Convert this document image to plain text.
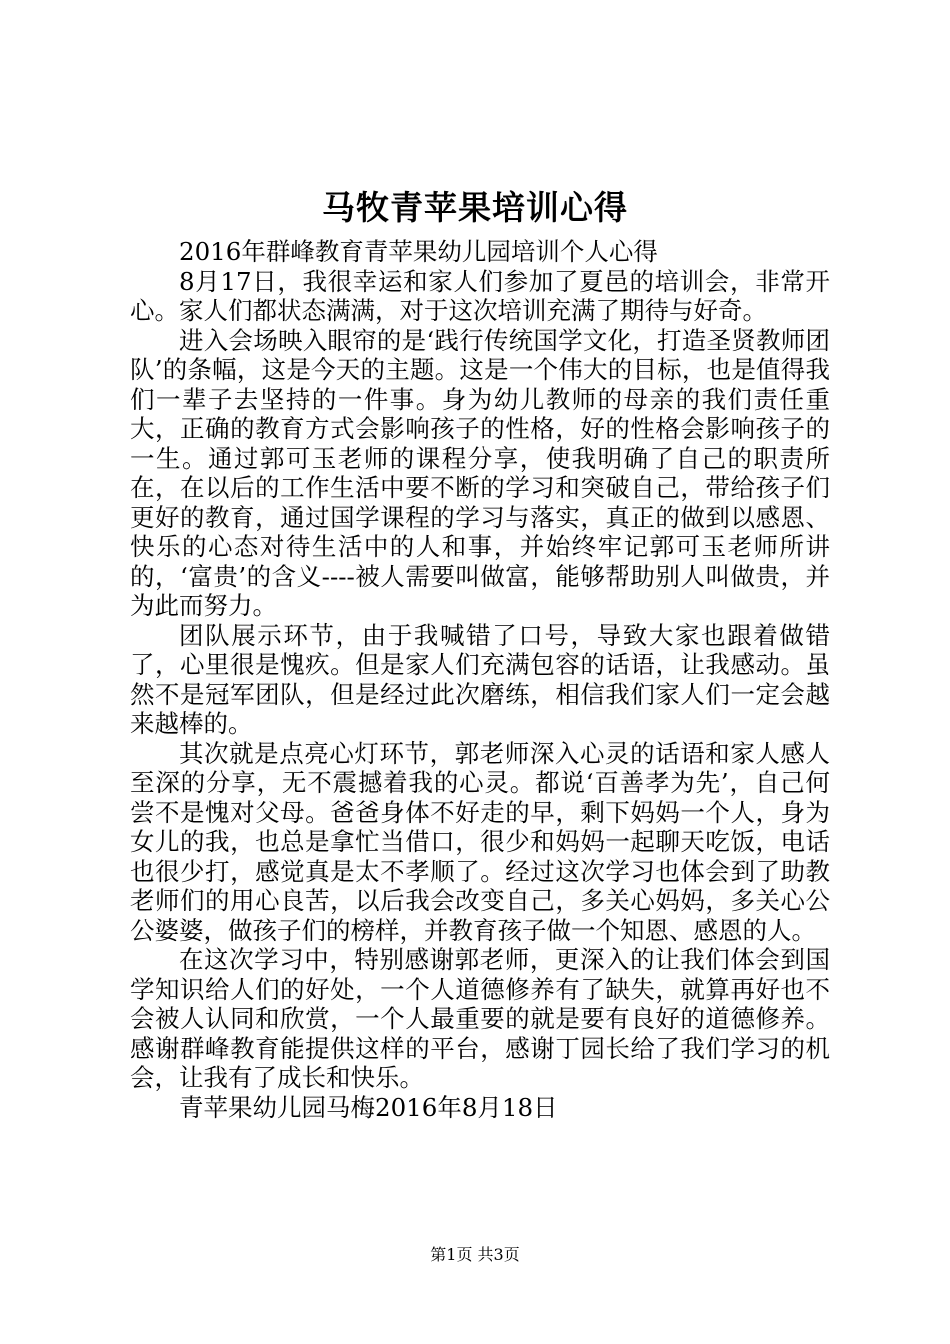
马牧青苹果培训心得

2016年群峰教育青苹果幼儿园培训个人心得

8月17日，我很幸运和家人们参加了夏邑的培训会，非常开心。家人们都状态满满，对于这次培训充满了期待与好奇。

进入会场映入眼帘的是‘践行传统国学文化，打造圣贤教师团队’的条幅，这是今天的主题。这是一个伟大的目标，也是值得我们一辈子去坚持的一件事。身为幼儿教师的母亲的我们责任重大，正确的教育方式会影响孩子的性格，好的性格会影响孩子的一生。通过郭可玉老师的课程分享，使我明确了自己的职责所在，在以后的工作生活中要不断的学习和突破自己，带给孩子们更好的教育，通过国学课程的学习与落实，真正的做到以感恩、快乐的心态对待生活中的人和事，并始终牢记郭可玉老师所讲的，‘富贵’的含义----被人需要叫做富，能够帮助别人叫做贵，并为此而努力。

团队展示环节，由于我喊错了口号，导致大家也跟着做错了，心里很是愧疚。但是家人们充满包容的话语，让我感动。虽然不是冠军团队，但是经过此次磨练，相信我们家人们一定会越来越棒的。

其次就是点亮心灯环节，郭老师深入心灵的话语和家人感人至深的分享，无不震撼着我的心灵。都说‘百善孝为先’，自己何尝不是愧对父母。爸爸身体不好走的早，剩下妈妈一个人，身为女儿的我，也总是拿忙当借口，很少和妈妈一起聊天吃饭，电话也很少打，感觉真是太不孝顺了。经过这次学习也体会到了助教老师们的用心良苦，以后我会改变自己，多关心妈妈，多关心公公婆婆，做孩子们的榜样，并教育孩子做一个知恩、感恩的人。

在这次学习中，特别感谢郭老师，更深入的让我们体会到国学知识给人们的好处，一个人道德修养有了缺失，就算再好也不会被人认同和欣赏，一个人最重要的就是要有良好的道德修养。感谢群峰教育能提供这样的平台，感谢丁园长给了我们学习的机会，让我有了成长和快乐。

青苹果幼儿园马梅2016年8月18日

第1页 共3页
